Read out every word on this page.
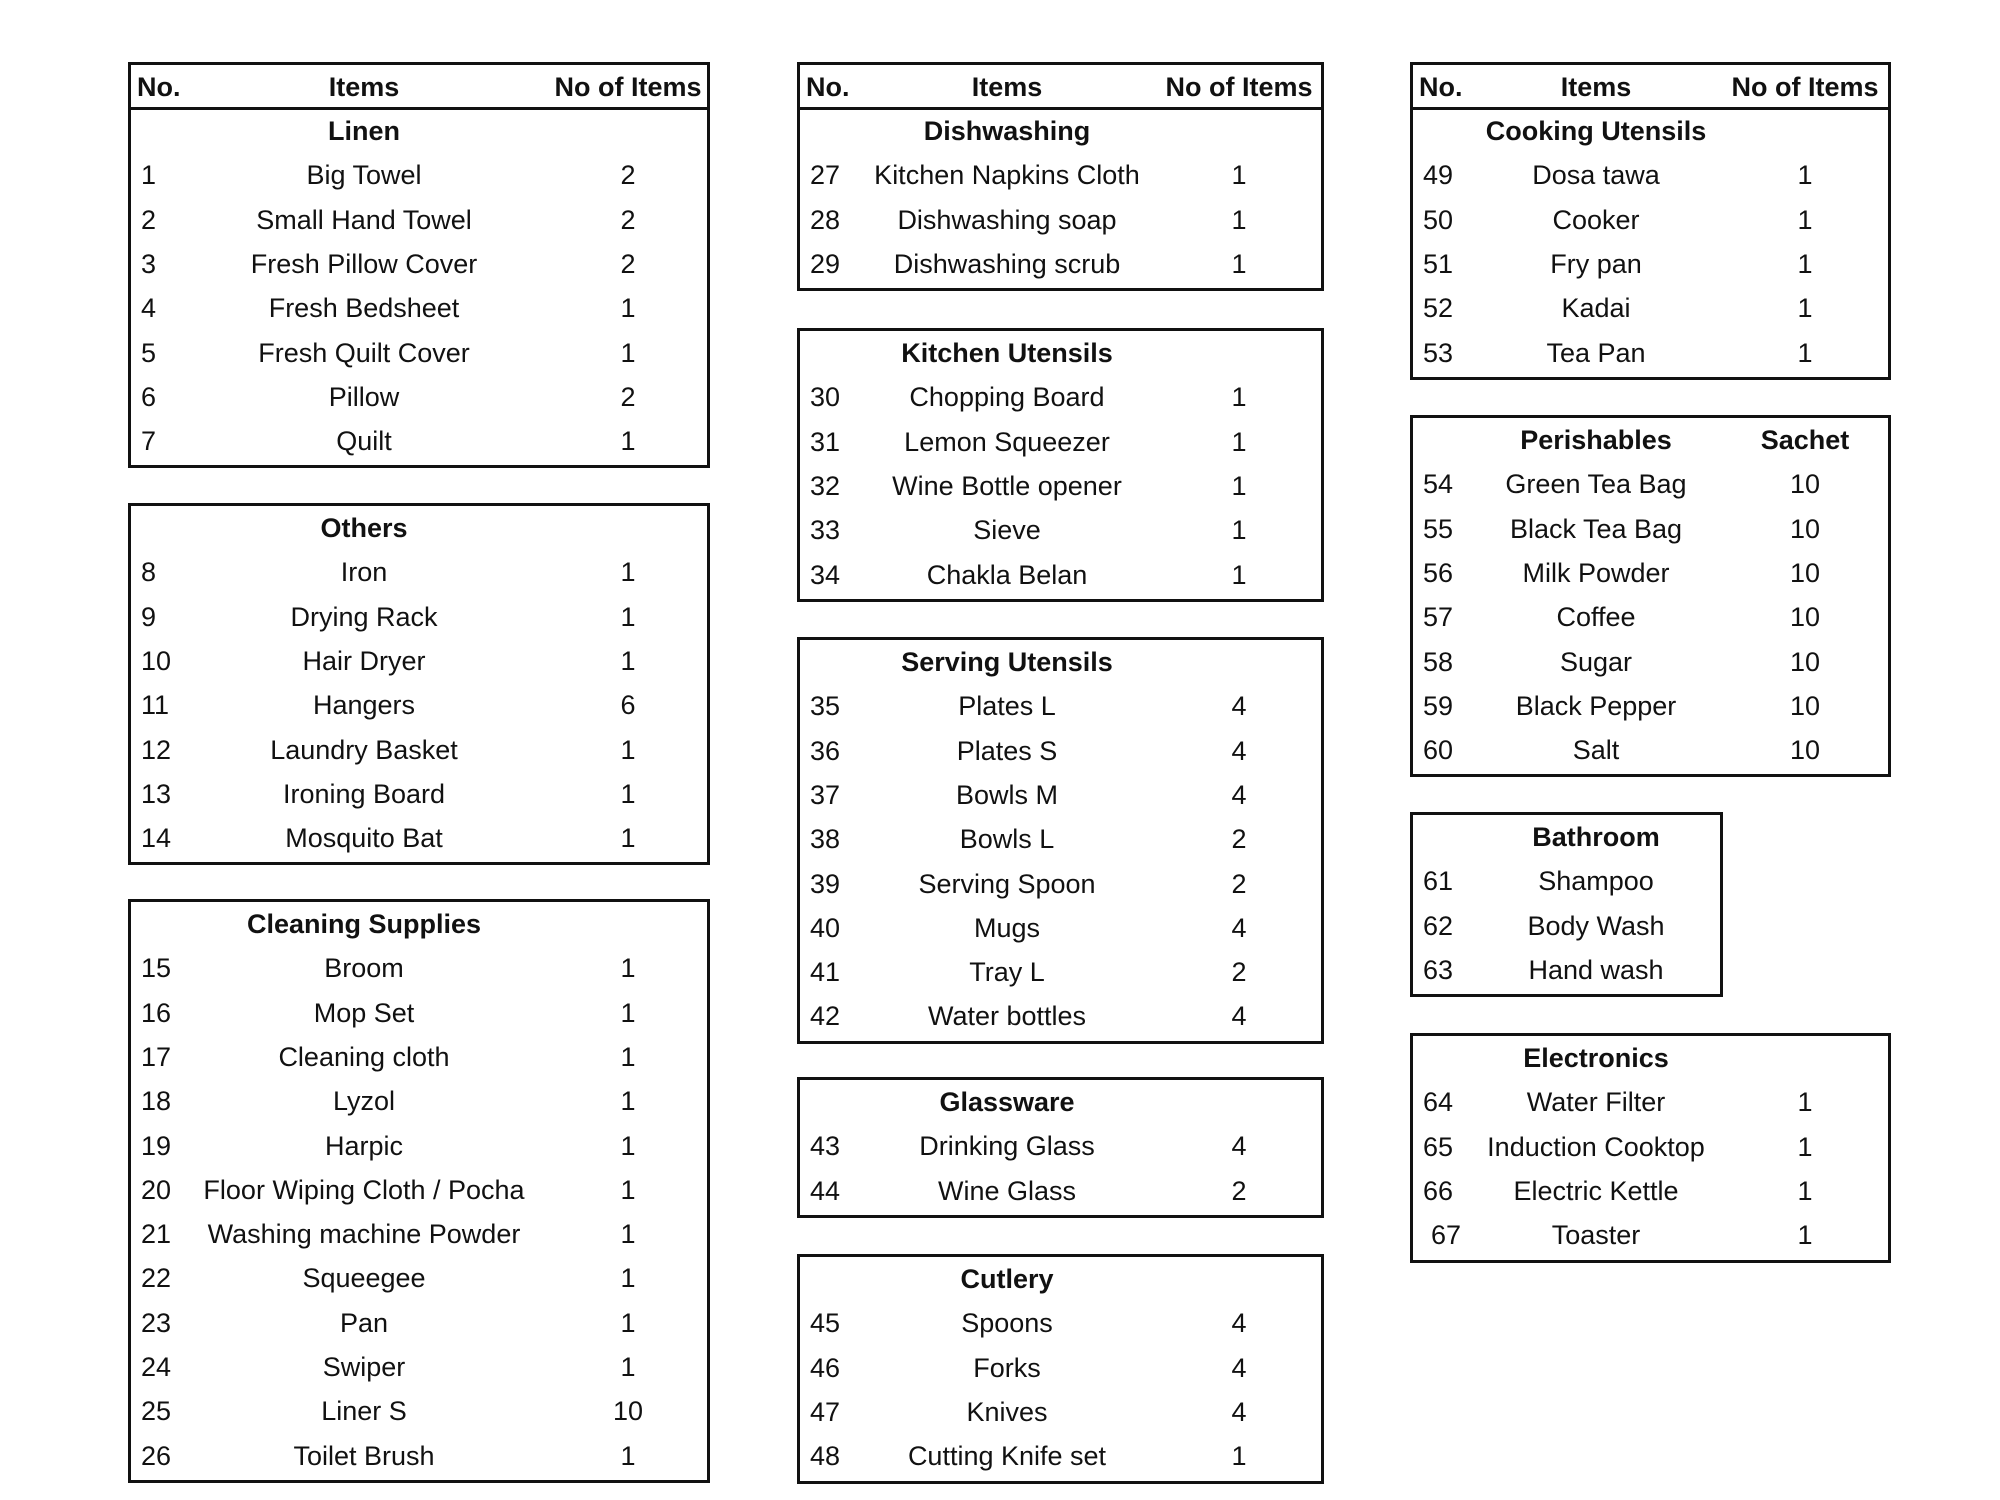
No.	Items	No of Items
Linen
1	Big Towel	2
2	Small Hand Towel	2
3	Fresh Pillow Cover	2
4	Fresh Bedsheet	1
5	Fresh Quilt Cover	1
6	Pillow	2
7	Quilt	1
Others
8	Iron	1
9	Drying Rack	1
10	Hair Dryer	1
11	Hangers	6
12	Laundry Basket	1
13	Ironing Board	1
14	Mosquito Bat	1
Cleaning Supplies
15	Broom	1
16	Mop Set	1
17	Cleaning cloth	1
18	Lyzol	1
19	Harpic	1
20 Floor Wiping Cloth / Pocha	1
21 Washing machine Powder	1
22	Squeegee	1
23	Pan	1
24	Swiper	1
25	Liner S	10
26	Toilet Brush	1
No.	Items	No of Items
Dishwashing
27 Kitchen Napkins Cloth	1
28 Dishwashing soap	1
29 Dishwashing scrub	1
Kitchen Utensils
30	Chopping Board	1
31 Lemon Squeezer	1
32 Wine Bottle opener	1
33	Sieve	1
34	Chakla Belan	1
Serving Utensils
35	Plates L	4
36	Plates S	4
37	Bowls M	4
38	Bowls L	2
39	Serving Spoon	2
40	Mugs	4
41	Tray L	2
42	Water bottles	4
Glassware
43	Drinking Glass	4
44	Wine Glass	2
Cutlery
45	Spoons	4
46	Forks	4
47	Knives	4
48	Cutting Knife set	1
No.	Items	No of Items
Cooking Utensils
49	Dosa tawa	1
50	Cooker	1
51	Fry pan	1
52	Kadai	1
53	Tea Pan	1
Perishables	Sachet
54 Green Tea Bag	10
55 Black Tea Bag	10
56	Milk Powder	10
57	Coffee	10
58	Sugar	10
59 Black Pepper	10
60	Salt	10
Bathroom
61	Shampoo
62	Body Wash
63	Hand wash
Electronics
64	Water Filter	1
65 Induction Cooktop	1
66 Electric Kettle	1
67	Toaster	1
